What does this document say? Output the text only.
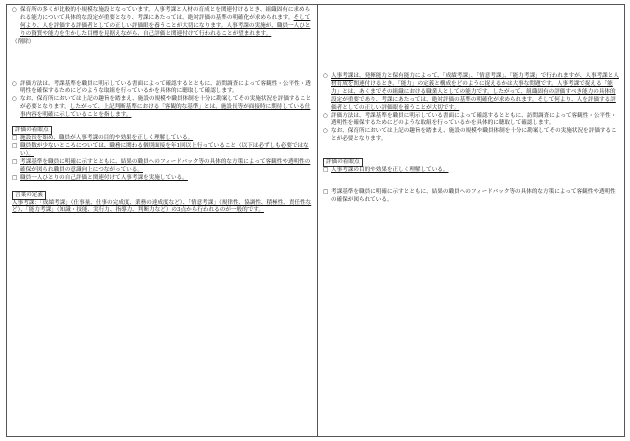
○ 保育所の多くが比較的小規模な施設となっています。人事考課と人材の育成とを関連付けるとき、組織固有に求められる能力について具体的な設定が重要となり、考課にあたっては、絶対評価の基準の明確化が求められます。そして何より、人を評価する評価者としての正しい評価眼を養うことが大切になります。人事考課の実施が、職員一人ひとりの資質や能力を生かした目標を見据えながら、自己評価と関連付けて行われることが望まれます。

（削除）

○ 評価方法は、考課基準を職員に明示している書面によって確認するとともに、訪問調査によって客観性・公平性・透明性を確保するためにどのような取組を行っているかを具体的に聴取して確認します。
○ なお、保育所においては上記の趣旨を踏まえ、施設の規模や職員体制を十分に勘案してその実施状況を評価することが必要となります。したがって、上記判断基準における「客観的な基準」とは、施設長等が面接時に期待している仕事内容を明確に示していることを指します。

評価の着眼点

□ 施設長を始め、職員が人事考課の目的や効果を正しく理解している。
□ 職員数が少ないところについては、職務に関わる個別面接を年1回以上行っていること（以下は必ずしも必要ではない）。
□ 考課基準を職員に明確に示すとともに、結果の職員へのフィードバック等の具体的な方策によって客観性や透明性の確保が図られ職員の意識向上につながっている。
□ 職員一人ひとりの自己評価と関連付けて人事考課を実施している。

言葉の定義

人事考課：「成績考課」（仕事量、仕事の完成度、業務の達成度など）、「情意考課」（規律性、協調性、積極性、責任性など）、「能力考課」（知識・技能、実行力、指導力、判断力など）の3点から行われるのが一般的です。

○ 人事考課は、発揮能力と保有能力によって、「成績考課」、「情意考課」、「能力考課」で行われますが、人事考課と人材育成を関連付けるとき、「能力」の定義と構成をどのように捉えるかは大事な問題です。人事考課で捉える「能力」とは、あくまでその組織における職業人としての能力です。したがって、組織固有の評価すべき能力の具体的設定が重要であり、考課にあたっては、絶対評価の基準の明確化が求められます。そして何より、人を評価する評価者としての正しい評価眼を養うことが大切です。
○ 評価方法は、考課基準を職員に明示している書面によって確認するとともに、訪問調査によって客観性・公平性・透明性を確保するためにどのような取組を行っているかを具体的に聴取して確認します。
○ なお、保育所においては上記の趣旨を踏まえ、施設の規模や職員体制を十分に勘案してその実施状況を評価することが必要となります。

評価の着眼点

□ 人事考課の目的や効果を正しく理解している。
□ 考課基準を職員に明確に示すとともに、結果の職員へのフィードバック等の具体的な方策によって客観性や透明性の確保が図られている。
